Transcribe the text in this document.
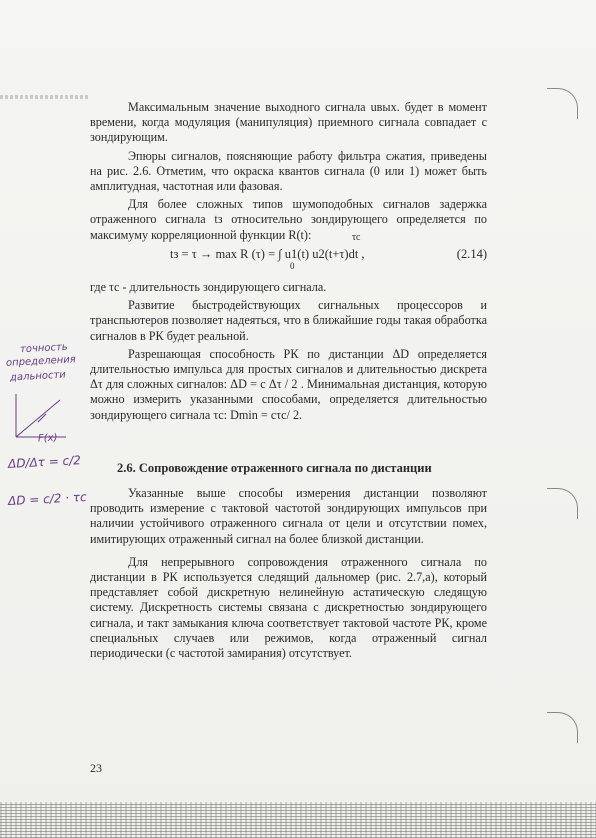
Максимальным значение выходного сигнала uвых. будет в момент времени, когда модуляция (манипуляция) приемного сигнала совпадает с зондирующим.
Эпюры сигналов, поясняющие работу фильтра сжатия, приведены на рис. 2.6. Отметим, что окраска квантов сигнала (0 или 1) может быть амплитудная, частотная или фазовая.
Для более сложных типов шумоподобных сигналов задержка отраженного сигнала tз относительно зондирующего определяется по максимуму корреляционной функции R(t):	τс
tз = τ → max R (τ) = ∫ u1(t) u2(t+τ)dt ,
0
(2.14)
где τс - длительность зондирующего сигнала.
Развитие быстродействующих сигнальных процессоров и транспьютеров позволяет надеяться, что в ближайшие годы такая обработка сигналов в РК будет реальной.
Разрешающая способность РК по дистанции ΔD определяется длительностью импульса для простых сигналов и длительностью дискрета Δτ для сложных сигналов: ΔD = c Δτ / 2 . Минимальная дистанция, которую можно измерить указанными способами, определяется длительностью зондирующего сигнала τс: Dmin = cτс/ 2.
2.6. Сопровождение отраженного сигнала по дистанции
Указанные выше способы измерения дистанции позволяют проводить измерение с тактовой частотой зондирующих импульсов при наличии устойчивого отраженного сигнала от цели и отсутствии помех, имитирующих отраженный сигнал на более близкой дистанции.
Для непрерывного сопровождения отраженного сигнала по дистанции в РК используется следящий дальномер (рис. 2.7,а), который представляет собой дискретную нелинейную астатическую следящую систему. Дискретность системы связана с дискретностью зондирующего сигнала, и такт замыкания ключа соответствует тактовой частоте РК, кроме специальных случаев или режимов, когда отраженный сигнал периодически (с частотой замирания) отсутствует.
23
точность
определения
дальности
F(x)
ΔD/Δτ = c/2
ΔD = c/2 · τс
